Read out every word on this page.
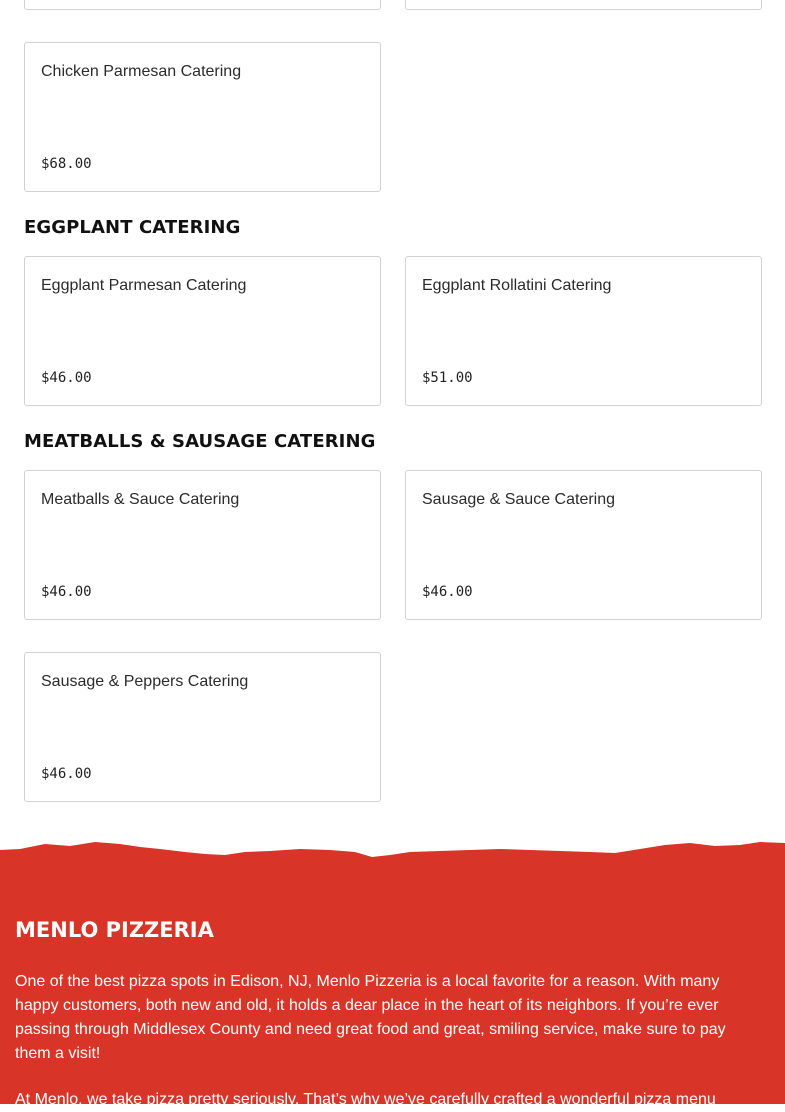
Chicken Parmesan Catering
$68.00
EGGPLANT CATERING
Eggplant Parmesan Catering
$46.00
Eggplant Rollatini Catering
$51.00
MEATBALLS & SAUSAGE CATERING
Meatballs & Sauce Catering
$46.00
Sausage & Sauce Catering
$46.00
Sausage & Peppers Catering
$46.00
MENLO PIZZERIA

One of the best pizza spots in Edison, NJ, Menlo Pizzeria is a local favorite for a reason. With many happy customers, both new and old, it holds a dear place in the heart of its neighbors. If you’re ever passing through Middlesex County and need great food and great, smiling service, make sure to pay them a visit!

At Menlo, we take pizza pretty seriously. That’s why we’ve carefully crafted a wonderful pizza menu
